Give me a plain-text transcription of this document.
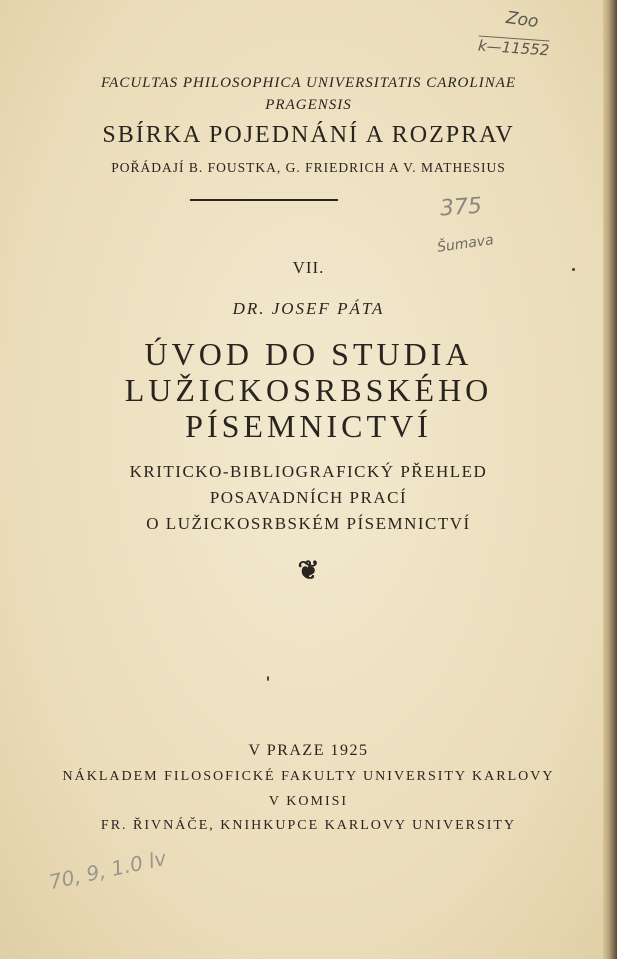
FACULTAS PHILOSOPHICA UNIVERSITATIS CAROLINAE
PRAGENSIS
SBÍRKA POJEDNÁNÍ A ROZPRAV
POŘÁDAJÍ B. FOUSTKA, G. FRIEDRICH A V. MATHESIUS
VII.
DR. JOSEF PÁTA
ÚVOD DO STUDIA
LUŽICKOSRBSKÉHO
PÍSEMNICTVÍ
KRITICKO-BIBLIOGRAFICKÝ PŘEHLED
POSAVADNÍCH PRACÍ
O LUŽICKOSRBSKÉM PÍSEMNICTVÍ
❦
V PRAZE 1925
NÁKLADEM FILOSOFICKÉ FAKULTY UNIVERSITY KARLOVY
V KOMISI
FR. ŘIVNÁČE, KNIHKUPCE KARLOVY UNIVERSITY
Zoo
k—11552
375
Šumava
70, 9, 1.0 lv
